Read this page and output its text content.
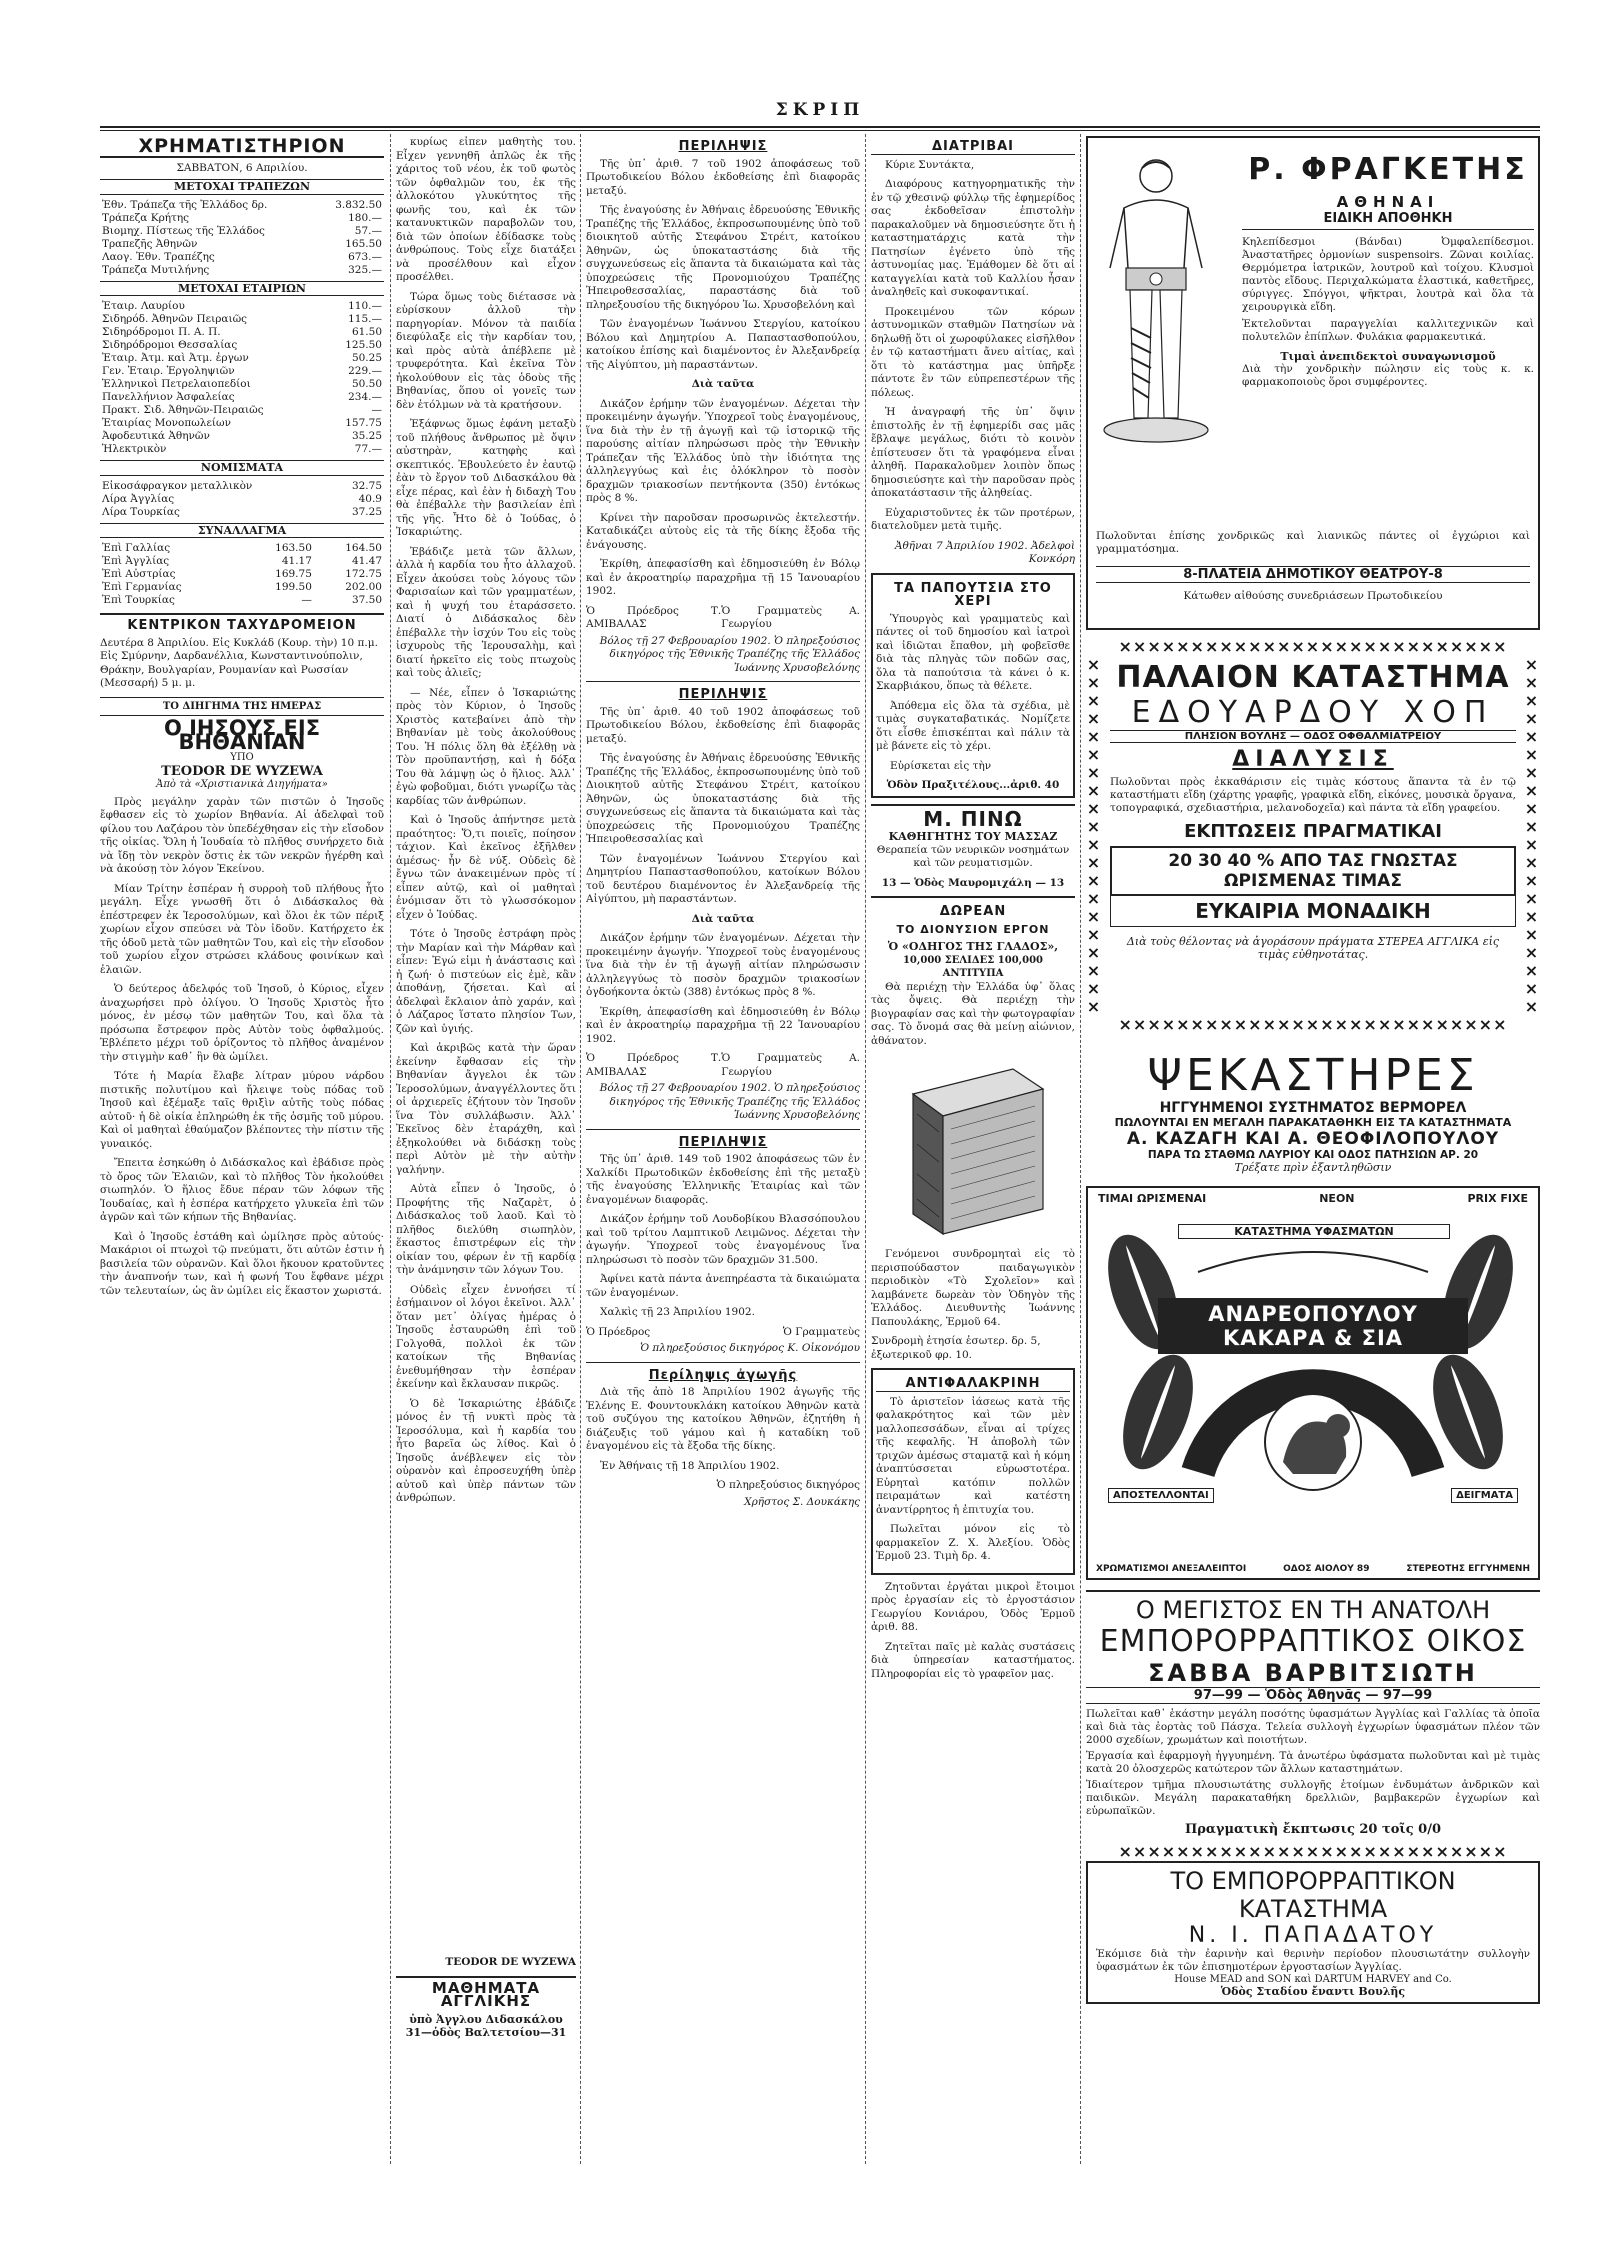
ΣΚΡΙΠ
ΧΡΗΜΑΤΙΣΤΗΡΙΟΝ
ΣΑΒΒΑΤΟΝ, 6 Απριλίου.
ΜΕΤΟΧΑΙ ΤΡΑΠΕΖΩΝ
Ἐθν. Τράπεζα τῆς Ἑλλάδος δρ.	3.832.50
Τράπεζα Κρήτης	180.—
Βιομηχ. Πίστεως τῆς Ἑλλάδος	57.—
Τραπεζῆς Ἀθηνῶν	165.50
Λαογ. Ἐθν. Τραπέζης	673.—
Τράπεζα Μυτιλήνης	325.—
ΜΕΤΟΧΑΙ ΕΤΑΙΡΙΩΝ
Ἐταιρ. Λαυρίου	110.—
Σιδηρόδ. Ἀθηνῶν Πειραιῶς	115.—
Σιδηρόδρομοι Π. Α. Π.	61.50
Σιδηρόδρομοι Θεσσαλίας	125.50
Ἐταιρ. Ἀτμ. καὶ Ἀτμ. ἐργων	50.25
Γεν. Ἐταιρ. Ἐργοληψιῶν	229.—
Ἑλληνικοὶ Πετρελαιοπεδίοι	50.50
Πανελλήνιον Ἀσφαλείας	234.—
Πρακτ. Σιδ. Ἀθηνῶν-Πειραιῶς	—
Ἐταιρίας Μονοπωλείων	157.75
Ἀφοδευτικά Ἀθηνῶν	35.25
Ἡλεκτρικὸν	77.—
ΝΟΜΙΣΜΑΤΑ
Εἰκοσάφραγκον μεταλλικὸν	32.75
Λίρα Ἀγγλίας	40.9
Λίρα Τουρκίας	37.25
ΣΥΝΑΛΛΑΓΜΑ
Ἐπὶ Γαλλίας	163.50	164.50
Ἐπὶ Ἀγγλίας	41.17	41.47
Ἐπὶ Αὐστρίας	169.75	172.75
Ἐπὶ Γερμανίας	199.50	202.00
Ἐπὶ Τουρκίας	—	37.50
ΚΕΝΤΡΙΚΟΝ ΤΑΧΥΔΡΟΜΕΙΟΝ

Δευτέρα 8 Ἀπριλίου. Εἰς Κυκλάδ (Κουρ. τὴν) 10 π.μ. Εἰς Σμύρνην, Δαρδανέλλια, Κωνσταντινούπολιν, Θράκην, Βουλγαρίαν, Ρουμανίαν καὶ Ρωσσίαν (Μεσσαρή) 5 μ. μ.

ΤΟ ΔΙΗΓΗΜΑ ΤΗΣ ΗΜΕΡΑΣ
Ο ΙΗΣΟΥΣ ΕΙΣ ΒΗΘΑΝΙΑΝ
ΥΠΟ
TEODOR DE WYZEWA
Ἀπὸ τὰ «Χριστιανικὰ Διηγήματα»

Πρὸς μεγάλην χαρὰν τῶν πιστῶν ὁ Ἰησοῦς ἔφθασεν εἰς τὸ χωρίον Βηθανία. Αἱ ἀδελφαὶ τοῦ φίλου του Λαζάρου τὸν ὑπεδέχθησαν εἰς τὴν εἴσοδον τῆς οἰκίας. Ὅλη ἡ Ἰουδαία τὸ πλῆθος συνήρχετο διὰ νὰ ἴδῃ τὸν νεκρὸν ὅστις ἐκ τῶν νεκρῶν ἠγέρθη καὶ νὰ ἀκούσῃ τὸν λόγον Ἐκείνου.

Μίαν Τρίτην ἑσπέραν ἡ συρροὴ τοῦ πλήθους ἦτο μεγάλη. Εἶχε γνωσθῆ ὅτι ὁ Διδάσκαλος θὰ ἐπέστρεφεν ἐκ Ἱεροσολύμων, καὶ ὅλοι ἐκ τῶν πέριξ χωρίων εἶχον σπεύσει νὰ Τὸν ἰδοῦν. Κατήρχετο ἐκ τῆς ὁδοῦ μετὰ τῶν μαθητῶν Του, καὶ εἰς τὴν εἴσοδον τοῦ χωρίου εἶχον στρώσει κλάδους φοινίκων καὶ ἐλαιῶν.

Ὁ δεύτερος ἀδελφός τοῦ Ἰησοῦ, ὁ Κύριος, εἶχεν ἀναχωρήσει πρὸ ὀλίγου. Ὁ Ἰησοῦς Χριστὸς ἦτο μόνος, ἐν μέσῳ τῶν μαθητῶν Του, καὶ ὅλα τὰ πρόσωπα ἔστρεφον πρὸς Αὐτὸν τοὺς ὀφθαλμούς. Ἐβλέπετο μέχρι τοῦ ὁρίζοντος τὸ πλῆθος ἀναμένον τὴν στιγμὴν καθ᾿ ἣν θὰ ὠμίλει.

Τότε ἡ Μαρία ἔλαβε λίτραν μύρου νάρδου πιστικῆς πολυτίμου καὶ ἤλειψε τοὺς πόδας τοῦ Ἰησοῦ καὶ ἐξέμαξε ταῖς θριξὶν αὐτῆς τοὺς πόδας αὐτοῦ· ἡ δὲ οἰκία ἐπληρώθη ἐκ τῆς ὀσμῆς τοῦ μύρου. Καὶ οἱ μαθηταὶ ἐθαύμαζον βλέποντες τὴν πίστιν τῆς γυναικός.

Ἔπειτα ἐσηκώθη ὁ Διδάσκαλος καὶ ἐβάδισε πρὸς τὸ ὄρος τῶν Ἐλαιῶν, καὶ τὸ πλῆθος Τὸν ἠκολούθει σιωπηλόν. Ὁ ἥλιος ἔδυε πέραν τῶν λόφων τῆς Ἰουδαίας, καὶ ἡ ἑσπέρα κατήρχετο γλυκεῖα ἐπὶ τῶν ἀγρῶν καὶ τῶν κήπων τῆς Βηθανίας.

Καὶ ὁ Ἰησοῦς ἐστάθη καὶ ὠμίλησε πρὸς αὐτούς· Μακάριοι οἱ πτωχοὶ τῷ πνεύματι, ὅτι αὐτῶν ἐστιν ἡ βασιλεία τῶν οὐρανῶν. Καὶ ὅλοι ἤκουον κρατοῦντες τὴν ἀναπνοήν των, καὶ ἡ φωνή Του ἔφθανε μέχρι τῶν τελευταίων, ὡς ἂν ὡμίλει εἰς ἕκαστον χωριστά.

κυρίως εἶπεν μαθητὴς του. Εἶχεν γεννηθῆ ἁπλῶς ἐκ τῆς χάριτος τοῦ νέου, ἐκ τοῦ φωτὸς τῶν ὀφθαλμῶν του, ἐκ τῆς ἀλλοκότου γλυκύτητος τῆς φωνῆς του, καὶ ἐκ τῶν κατανυκτικῶν παραβολῶν του, διὰ τῶν ὁποίων ἐδίδασκε τοὺς ἀνθρώπους. Τοὺς εἶχε διατάξει νὰ προσέλθουν καὶ εἶχον προσέλθει.

Τώρα ὅμως τοὺς διέτασσε νὰ εὑρίσκουν ἀλλοῦ τὴν παρηγορίαν. Μόνον τὰ παιδία διεφύλαξε εἰς τὴν καρδίαν του, καὶ πρὸς αὐτὰ ἀπέβλεπε μὲ τρυφερότητα. Καὶ ἐκεῖνα Τὸν ἠκολούθουν εἰς τὰς ὁδοὺς τῆς Βηθανίας, ὅπου οἱ γονεῖς των δὲν ἐτόλμων νὰ τὰ κρατήσουν.

Ἐξάφνως ὅμως ἐφάνη μεταξὺ τοῦ πλήθους ἄνθρωπος μὲ ὄψιν αὐστηρὰν, κατηφὴς καὶ σκεπτικός. Ἐβουλεύετο ἐν ἑαυτῷ ἐὰν τὸ ἔργον τοῦ Διδασκάλου θὰ εἶχε πέρας, καὶ ἐὰν ἡ διδαχὴ Του θὰ ἐπέβαλλε τὴν βασιλείαν ἐπὶ τῆς γῆς. Ἦτο δὲ ὁ Ἰούδας, ὁ Ἰσκαριώτης.

Ἐβάδιζε μετὰ τῶν ἄλλων, ἀλλὰ ἡ καρδία του ἦτο ἀλλαχοῦ. Εἶχεν ἀκούσει τοὺς λόγους τῶν Φαρισαίων καὶ τῶν γραμματέων, καὶ ἡ ψυχή του ἐταράσσετο. Διατί ὁ Διδάσκαλος δὲν ἐπέβαλλε τὴν ἰσχύν Του εἰς τοὺς ἰσχυροὺς τῆς Ἱερουσαλὴμ, καὶ διατί ἠρκεῖτο εἰς τοὺς πτωχοὺς καὶ τοὺς ἁλιεῖς;

— Νέε, εἶπεν ὁ Ἰσκαριώτης πρὸς τὸν Κύριον, ὁ Ἰησοῦς Χριστὸς κατεβαίνει ἀπὸ τὴν Βηθανίαν μὲ τοὺς ἀκολούθους Του. Ἡ πόλις ὅλη θὰ ἐξέλθῃ νὰ Τὸν προϋπαντήσῃ, καὶ ἡ δόξα Του θὰ λάμψῃ ὡς ὁ ἥλιος. Ἀλλ᾿ ἐγὼ φοβοῦμαι, διότι γνωρίζω τὰς καρδίας τῶν ἀνθρώπων.

Καὶ ὁ Ἰησοῦς ἀπήντησε μετὰ πραότητος: Ὅ,τι ποιεῖς, ποίησον τάχιον. Καὶ ἐκεῖνος ἐξῆλθεν ἀμέσως· ἦν δὲ νύξ. Οὐδεὶς δὲ ἔγνω τῶν ἀνακειμένων πρὸς τί εἶπεν αὐτῷ, καὶ οἱ μαθηταὶ ἐνόμισαν ὅτι τὸ γλωσσόκομον εἶχεν ὁ Ἰούδας.

Τότε ὁ Ἰησοῦς ἐστράφη πρὸς τὴν Μαρίαν καὶ τὴν Μάρθαν καὶ εἶπεν: Ἐγώ εἰμι ἡ ἀνάστασις καὶ ἡ ζωή· ὁ πιστεύων εἰς ἐμὲ, κἂν ἀποθάνῃ, ζήσεται. Καὶ αἱ ἀδελφαὶ ἔκλαιον ἀπὸ χαράν, καὶ ὁ Λάζαρος ἵστατο πλησίον Των, ζῶν καὶ ὑγιής.

Καὶ ἀκριβῶς κατὰ τὴν ὥραν ἐκείνην ἔφθασαν εἰς τὴν Βηθανίαν ἄγγελοι ἐκ τῶν Ἱεροσολύμων, ἀναγγέλλοντες ὅτι οἱ ἀρχιερεῖς ἐζήτουν τὸν Ἰησοῦν ἵνα Τὸν συλλάβωσιν. Ἀλλ᾿ Ἐκεῖνος δὲν ἐταράχθη, καὶ ἐξηκολούθει νὰ διδάσκῃ τοὺς περὶ Αὐτὸν μὲ τὴν αὐτὴν γαλήνην.

Αὐτὰ εἶπεν ὁ Ἰησοῦς, ὁ Προφήτης τῆς Ναζαρὲτ, ὁ Διδάσκαλος τοῦ λαοῦ. Καὶ τὸ πλῆθος διελύθη σιωπηλὸν, ἕκαστος ἐπιστρέφων εἰς τὴν οἰκίαν του, φέρων ἐν τῇ καρδίᾳ τὴν ἀνάμνησιν τῶν λόγων Του.

Οὐδεὶς εἶχεν ἐννοήσει τί ἐσήμαινον οἱ λόγοι ἐκεῖνοι. Ἀλλ᾿ ὅταν μετ᾿ ὀλίγας ἡμέρας ὁ Ἰησοῦς ἐσταυρώθη ἐπὶ τοῦ Γολγοθᾶ, πολλοὶ ἐκ τῶν κατοίκων τῆς Βηθανίας ἐνεθυμήθησαν τὴν ἑσπέραν ἐκείνην καὶ ἔκλαυσαν πικρῶς.

Ὁ δὲ Ἰσκαριώτης ἐβάδιζε μόνος ἐν τῇ νυκτὶ πρὸς τὰ Ἱεροσόλυμα, καὶ ἡ καρδία του ἦτο βαρεῖα ὡς λίθος. Καὶ ὁ Ἰησοῦς ἀνέβλεψεν εἰς τὸν οὐρανὸν καὶ ἐπροσευχήθη ὑπὲρ αὐτοῦ καὶ ὑπὲρ πάντων τῶν ἀνθρώπων.

TEODOR DE WYZEWA

ΜΑΘΗΜΑΤΑ ΑΓΓΛΙΚΗΣ
ὑπὸ Ἀγγλου Διδασκάλου
31—ὁδὸς Βαλτετσίου—31
ΠΕΡΙΛΗΨΙΣ

Τῆς ὑπ᾿ ἀριθ. 7 τοῦ 1902 ἀποφάσεως τοῦ Πρωτοδικείου Βόλου ἐκδοθείσης ἐπὶ διαφορᾶς μεταξύ.

Τῆς ἐναγούσης ἐν Ἀθήναις ἑδρευούσης Ἐθνικῆς Τραπέζης τῆς Ἑλλάδος, ἐκπροσωπουμένης ὑπὸ τοῦ διοικητοῦ αὐτῆς Στεφάνου Στρέιτ, κατοίκου Ἀθηνῶν, ὡς ὑποκαταστάσης διὰ τῆς συγχωνεύσεως εἰς ἅπαντα τὰ δικαιώματα καὶ τὰς ὑποχρεώσεις τῆς Προνομιούχου Τραπέζης Ἠπειροθεσσαλίας, παραστάσης διὰ τοῦ πληρεξουσίου τῆς δικηγόρου Ἰω. Χρυσοβελόνη καὶ

Τῶν ἐναγομένων Ἰωάννου Στεργίου, κατοίκου Βόλου καὶ Δημητρίου Α. Παπαστασθοπούλου, κατοίκου ἐπίσης καὶ διαμένοντος ἐν Ἀλεξανδρείᾳ τῆς Αἰγύπτου, μὴ παραστάντων.

Διὰ ταῦτα

Δικάζον ἐρήμην τῶν ἐναγομένων. Δέχεται τὴν προκειμένην ἀγωγήν. Ὑποχρεοῖ τοὺς ἐναγομένους, ἵνα διὰ τὴν ἐν τῇ ἀγωγῇ καὶ τῷ ἱστορικῷ τῆς παρούσης αἰτίαν πληρώσωσι πρὸς τὴν Ἐθνικὴν Τράπεζαν τῆς Ἑλλάδος ὑπὸ τὴν ἰδιότητα της ἀλληλεγγύως καὶ ἐις ὁλόκληρον τὸ ποσὸν δραχμῶν τριακοσίων πεντήκοντα (350) ἐντόκως πρὸς 8 %.

Κρίνει τὴν παροῦσαν προσωρινῶς ἐκτελεστήν. Καταδικάζει αὐτοὺς εἰς τὰ τῆς δίκης ἔξοδα τῆς ἐνάγουσης.

Ἐκρίθη, ἀπεφασίσθη καὶ ἐδημοσιεύθη ἐν Βόλῳ καὶ ἐν ἀκροατηρίῳ παραχρῆμα τῇ 15 Ἰανουαρίου 1902.

Ὁ Πρόεδρος Τ. ΑΜΙΒΑΛΑΣ
Ὁ Γραμματεὺς Α. Γεωργίου

Βόλος τῇ 27 Φεβρουαρίου 1902. Ὁ πληρεξούσιος δικηγόρος τῆς Ἐθνικῆς Τραπέζης τῆς Ἑλλάδος Ἰωάννης Χρυσοβελόνης

ΠΕΡΙΛΗΨΙΣ

Τῆς ὑπ᾿ ἀριθ. 40 τοῦ 1902 ἀποφάσεως τοῦ Πρωτοδικείου Βόλου, ἐκδοθείσης ἐπὶ διαφορᾶς μεταξύ.

Τῆς ἐναγούσης ἐν Ἀθήναις ἑδρευούσης Ἐθνικῆς Τραπέζης τῆς Ἑλλάδος, ἐκπροσωπουμένης ὑπὸ τοῦ Διοικητοῦ αὐτῆς Στεφάνου Στρέιτ, κατοίκου Ἀθηνῶν, ὡς ὑποκαταστάσης διὰ τῆς συγχωνεύσεως εἰς ἅπαντα τὰ δικαιώματα καὶ τὰς ὑποχρεώσεις τῆς Προνομιούχου Τραπέζης Ἠπειροθεσσαλίας καὶ

Τῶν ἐναγομένων Ἰωάννου Στεργίου καὶ Δημητρίου Παπαστασθοπούλου, κατοίκων Βόλου τοῦ δευτέρου διαμένοντος ἐν Ἀλεξανδρείᾳ τῆς Αἰγύπτου, μὴ παραστάντων.

Διὰ ταῦτα

Δικάζον ἐρήμην τῶν ἐναγομένων. Δέχεται τὴν προκειμένην ἀγωγήν. Ὑποχρεοῖ τοὺς ἐναγομένους ἵνα διὰ τὴν ἐν τῇ ἀγωγῇ αἰτίαν πληρώσωσιν ἀλληλεγγύως τὸ ποσὸν δραχμῶν τριακοσίων ὀγδοήκοντα ὀκτὼ (388) ἐντόκως πρὸς 8 %.

Ἐκρίθη, ἀπεφασίσθη καὶ ἐδημοσιεύθη ἐν Βόλῳ καὶ ἐν ἀκροατηρίῳ παραχρῆμα τῇ 22 Ἰανουαρίου 1902.

Ὁ Πρόεδρος Τ. ΑΜΙΒΑΛΑΣ
Ὁ Γραμματεὺς Α. Γεωργίου

Βόλος τῇ 27 Φεβρουαρίου 1902. Ὁ πληρεξούσιος δικηγόρος τῆς Ἐθνικῆς Τραπέζης τῆς Ἑλλάδος Ἰωάννης Χρυσοβελόνης

ΠΕΡΙΛΗΨΙΣ

Τῆς ὑπ᾿ ἀριθ. 149 τοῦ 1902 ἀποφάσεως τῶν ἐν Χαλκίδι Πρωτοδικῶν ἐκδοθείσης ἐπὶ τῆς μεταξὺ τῆς ἐναγούσης Ἑλληνικῆς Ἐταιρίας καὶ τῶν ἐναγομένων διαφορᾶς.

Δικάζον ἐρήμην τοῦ Λουδοβίκου Βλασσόπουλου καὶ τοῦ τρίτου Λαμπτικοῦ Λειμῶνος. Δέχεται τὴν ἀγωγήν. Ὑποχρεοῖ τοὺς ἐναγομένους ἵνα πληρώσωσι τὸ ποσὸν τῶν δραχμῶν 31.500.

Ἀφίνει κατὰ πάντα ἀνεπηρέαστα τὰ δικαιώματα τῶν ἐναγομένων.

Χαλκὶς τῇ 23 Ἀπριλίου 1902.

Ὁ Πρόεδρος	Ὁ Γραμματεὺς

Ὁ πληρεξούσιος δικηγόρος Κ. Οἰκονόμου

Περίληψις ἀγωγῆς

Διὰ τῆς ἀπὸ 18 Ἀπριλίου 1902 ἀγωγῆς τῆς Ἑλένης Ε. Φουντουκλάκη κατοίκου Ἀθηνῶν κατὰ τοῦ συζύγου της κατοίκου Ἀθηνῶν, ἐζητήθη ἡ διάζευξις τοῦ γάμου καὶ ἡ καταδίκη τοῦ ἐναγομένου εἰς τὰ ἔξοδα τῆς δίκης.

Ἐν Ἀθήναις τῇ 18 Ἀπριλίου 1902.

Ὁ πληρεξούσιος δικηγόρος

Χρῆστος Σ. Δουκάκης

ΔΙΑΤΡΙΒΑΙ

Κύριε Συντάκτα,

Διαφόρους κατηγορηματικῆς τὴν ἐν τῷ χθεσινῷ φύλλῳ τῆς ἐφημερίδος σας ἐκδοθεῖσαν ἐπιστολὴν παρακαλοῦμεν νὰ δημοσιεύσητε ὅτι ἡ καταστηματάρχις κατὰ τὴν Πατησίων ἐγένετο ὑπὸ τῆς ἀστυνομίας μας. Ἐμάθομεν δὲ ὅτι αἱ καταγγελίαι κατὰ τοῦ Καλλίου ἦσαν ἀναληθεῖς καὶ συκοφαντικαί.

Προκειμένου τῶν κόρων ἀστυνομικῶν σταθμῶν Πατησίων νὰ δηλωθῇ ὅτι οἱ χωροφύλακες εἰσῆλθον ἐν τῷ καταστήματι ἄνευ αἰτίας, καὶ ὅτι τὸ κατάστημα μας ὑπῆρξε πάντοτε ἓν τῶν εὐπρεπεστέρων τῆς πόλεως.

Ἡ ἀναγραφή τῆς ὑπ᾿ ὅψιν ἐπιστολῆς ἐν τῇ ἐφημερίδι σας μᾶς ἔβλαψε μεγάλως, διότι τὸ κοινὸν ἐπίστευσεν ὅτι τὰ γραφόμενα εἶναι ἀληθῆ. Παρακαλοῦμεν λοιπὸν ὅπως δημοσιεύσητε καὶ τὴν παροῦσαν πρὸς ἀποκατάστασιν τῆς ἀληθείας.

Εὐχαριστοῦντες ἐκ τῶν προτέρων, διατελοῦμεν μετὰ τιμῆς.

Ἀθῆναι 7 Ἀπριλίου 1902. Ἀδελφοὶ Κονκόρη

ΤΑ ΠΑΠΟΥΤΣΙΑ ΣΤΟ ΧΕΡΙ

Ὑπουργὸς καὶ γραμματεὺς καὶ πάντες οἱ τοῦ δημοσίου καὶ ἰατροὶ καὶ ἰδιῶται ἔπαθον, μὴ φοβεῖσθε διὰ τὰς πληγὰς τῶν ποδῶν σας, ὅλα τὰ παπούτσια τὰ κάνει ὁ κ. Σκαρβιάκου, ὅπως τὰ θέλετε.

Ἀπόθεμα εἰς ὅλα τὰ σχέδια, μὲ τιμὰς συγκαταβατικάς. Νομίζετε ὅτι εἶσθε ἐπισκέπται καὶ πάλιν τὰ μὲ βάνετε εἰς τὸ χέρι.

Εὑρίσκεται εἰς τὴν

Ὁδὸν Πραξιτέλους...ἀριθ. 40
Μ. ΠΙΝΩ
ΚΑΘΗΓΗΤΗΣ ΤΟΥ ΜΑΣΣΑΖ

Θεραπεία τῶν νευρικῶν νοσημάτων καὶ τῶν ρευματισμῶν.

13 — Ὁδὸς Μαυρομιχάλη — 13
ΔΩΡΕΑΝ
ΤΟ ΔΙΟΝΥΣΙΟΝ ΕΡΓΟΝ
Ὁ «ΟΔΗΓΟΣ ΤΗΣ ΓΛΑΔΟΣ»,
10,000 ΣΕΛΙΔΕΣ 100,000 ΑΝΤΙΤΥΠΑ

Θὰ περιέχῃ τὴν Ἑλλάδα ὑφ᾿ ὅλας τὰς ὄψεις. Θὰ περιέχῃ τὴν βιογραφίαν σας καὶ τὴν φωτογραφίαν σας. Τὸ ὄνομά σας θὰ μείνῃ αἰώνιον, ἀθάνατον.

Γενόμενοι συνδρομηταὶ εἰς τὸ περισπούδαστον παιδαγωγικὸν περιοδικὸν «Τὸ Σχολεῖον» καὶ λαμβάνετε δωρεὰν τὸν Ὁδηγὸν τῆς Ἑλλάδος. Διευθυντὴς Ἰωάννης Παπουλάκης, Ἑρμοῦ 64.

Συνδρομὴ ἐτησία ἐσωτερ. δρ. 5, ἐξωτερικοῦ φρ. 10.

ΑΝΤΙΦΑΛΑΚΡΙΝΗ

Τὸ ἀριστεῖον ἰάσεως κατὰ τῆς φαλακρότητος καὶ τῶν μὲν μαλλοπεσσάδων, εἶναι αἱ τρίχες τῆς κεφαλῆς. Ἡ ἀποβολὴ τῶν τριχῶν ἀμέσως σταματᾷ καὶ ἡ κόμη ἀναπτύσσεται εὐρωστοτέρα. Εὐρηταὶ κατόπιν πολλῶν πειραμάτων καὶ κατέστη ἀναντίρρητος ἡ ἐπιτυχία του.

Πωλεῖται μόνον εἰς τὸ φαρμακεῖον Ζ. Χ. Ἀλεξίου. Ὁδὸς Ἑρμοῦ 23. Τιμὴ δρ. 4.

Ζητοῦνται ἐργάται μικροὶ ἔτοιμοι πρὸς ἐργασίαν εἰς τὸ ἐργοστάσιον Γεωργίου Κονιάρου, Ὁδὸς Ἑρμοῦ ἀριθ. 88.

Ζητεῖται παῖς μὲ καλὰς συστάσεις διὰ ὑπηρεσίαν καταστήματος. Πληροφορίαι εἰς τὸ γραφεῖον μας.

Ρ. ΦΡΑΓΚΕΤΗΣ
ΑΘΗΝΑΙ
ΕΙΔΙΚΗ ΑΠΟΘΗΚΗ
Κηλεπίδεσμοι (Βάνδαι) Ὀμφαλεπίδεσμοι. Ἀναστατῆρες ὁρμονίων suspensoirs. Ζῶναι κοιλίας. Θερμόμετρα ἰατρικῶν, λουτροῦ καὶ τοίχου. Κλυσμοὶ παντὸς εἴδους. Περιχαλκώματα ἐλαστικά, καθετῆρες, σύριγγες. Σπόγγοι, ψῆκτραι, λουτρὰ καὶ ὅλα τὰ χειρουργικὰ εἴδη.
Ἐκτελοῦνται παραγγελίαι καλλιτεχνικῶν καὶ πολυτελῶν ἐπίπλων. Φυλάκια φαρμακευτικά.
Τιμαὶ ἀνεπιδεκτοὶ συναγωνισμοῦ
Διὰ τὴν χονδρικὴν πώλησιν εἰς τοὺς κ. κ. φαρμακοποιοὺς ὅροι συμφέροντες.
Πωλοῦνται ἐπίσης χονδρικῶς καὶ λιανικῶς πάντες οἱ ἐγχώριοι καὶ γραμματόσημα.
8-ΠΛΑΤΕΙΑ ΔΗΜΟΤΙΚΟΥ ΘΕΑΤΡΟΥ-8
Κάτωθεν αἰθούσης συνεδριάσεων Πρωτοδικείου
×××××××××××××××××××××××××××
××××××××××××××××××××
ΠΑΛΑΙΟΝ ΚΑΤΑΣΤΗΜΑ
ΕΔΟΥΑΡΔΟΥ ΧΟΠ
ΠΛΗΣΙΟΝ ΒΟΥΛΗΣ — ΟΔΟΣ ΟΦΘΑΛΜΙΑΤΡΕΙΟΥ
ΔΙΑΛΥΣΙΣ
Πωλοῦνται πρὸς ἐκκαθάρισιν εἰς τιμὰς κόστους ἅπαντα τὰ ἐν τῷ καταστήματι εἴδη (χάρτης γραφῆς, γραφικὰ εἴδη, εἰκόνες, μουσικὰ ὄργανα, τοπογραφικά, σχεδιαστήρια, μελανοδοχεῖα) καὶ πάντα τὰ εἴδη γραφείου.
ΕΚΠΤΩΣΕΙΣ ΠΡΑΓΜΑΤΙΚΑΙ
20 30 40 % ΑΠΟ ΤΑΣ ΓΝΩΣΤΑΣ ΩΡΙΣΜΕΝΑΣ ΤΙΜΑΣ
ΕΥΚΑΙΡΙΑ ΜΟΝΑΔΙΚΗ
Διὰ τοὺς θέλοντας νὰ ἀγοράσουν πράγματα ΣΤΕΡΕΑ ΑΓΓΛΙΚΑ εἰς τιμὰς εὐθηνοτάτας.
××××××××××××××××××××
×××××××××××××××××××××××××××
ΨΕΚΑΣΤΗΡΕΣ
ΗΓΓΥΗΜΕΝΟΙ ΣΥΣΤΗΜΑΤΟΣ ΒΕΡΜΟΡΕΛ
ΠΩΛΟΥΝΤΑΙ ΕΝ ΜΕΓΑΛΗ ΠΑΡΑΚΑΤΑΘΗΚΗ ΕΙΣ ΤΑ ΚΑΤΑΣΤΗΜΑΤΑ
Α. ΚΑΖΑΓΗ ΚΑΙ Α. ΘΕΟΦΙΛΟΠΟΥΛΟΥ
ΠΑΡΑ ΤΩ ΣΤΑΘΜΩ ΛΑΥΡΙΟΥ ΚΑΙ ΟΔΟΣ ΠΑΤΗΣΙΩΝ ΑΡ. 20
Τρέξατε πρὶν ἐξαντληθῶσιν
ΤΙΜΑΙ ΩΡΙΣΜΕΝΑΙ	ΝΕΟΝ	PRIX FIXE
ΚΑΤΑΣΤΗΜΑ ΥΦΑΣΜΑΤΩΝ
ΑΝΔΡΕΟΠΟΥΛΟΥ ΚΑΚΑΡΑ & ΣΙΑ
ΑΠΟΣΤΕΛΛΟΝΤΑΙ	ΔΕΙΓΜΑΤΑ
ΧΡΩΜΑΤΙΣΜΟΙ ΑΝΕΞΑΛΕΙΠΤΟΙ	ΟΔΟΣ ΑΙΟΛΟΥ 89	ΣΤΕΡΕΟΤΗΣ ΕΓΓΥΗΜΕΝΗ
Ο ΜΕΓΙΣΤΟΣ ΕΝ ΤΗ ΑΝΑΤΟΛΗ
ΕΜΠΟΡΟΡΡΑΠΤΙΚΟΣ ΟΙΚΟΣ
ΣΑΒΒΑ ΒΑΡΒΙΤΣΙΩΤΗ
97—99 — Ὁδὸς Ἀθηνᾶς — 97—99
Πωλεῖται καθ᾿ ἑκάστην μεγάλη ποσότης ὑφασμάτων Ἀγγλίας καὶ Γαλλίας τὰ ὁποῖα καὶ διὰ τὰς ἐορτὰς τοῦ Πάσχα. Τελεία συλλογὴ ἐγχωρίων ὑφασμάτων πλέον τῶν 2000 σχεδίων, χρωμάτων καὶ ποιοτήτων.
Ἐργασία καὶ ἐφαρμογὴ ἠγγυημένη. Τὰ ἀνωτέρω ὑφάσματα πωλοῦνται καὶ μὲ τιμὰς κατὰ 20 ὀλοσχερῶς κατώτερον τῶν ἄλλων καταστημάτων.
Ἰδιαίτερον τμῆμα πλουσιωτάτης συλλογῆς ἐτοίμων ἐνδυμάτων ἀνδρικῶν καὶ παιδικῶν. Μεγάλη παρακαταθήκη δρελλιῶν, βαμβακερῶν ἐγχωρίων καὶ εὐρωπαϊκῶν.
Πραγματικὴ ἔκπτωσις 20 τοῖς 0/0
×××××××××××××××××××××××××××
ΤΟ ΕΜΠΟΡΟΡΡΑΠΤΙΚΟΝ ΚΑΤΑΣΤΗΜΑ
Ν. Ι. ΠΑΠΑΔΑΤΟΥ
Ἐκόμισε διὰ τὴν ἐαρινὴν καὶ θερινὴν περίοδον πλουσιωτάτην συλλογὴν ὑφασμάτων ἐκ τῶν ἐπισημοτέρων ἐργοστασίων Ἀγγλίας.
House MEAD and SON καὶ DARTUM HARVEY and Co.
Ὁδὸς Σταδίου ἔναντι Βουλῆς
